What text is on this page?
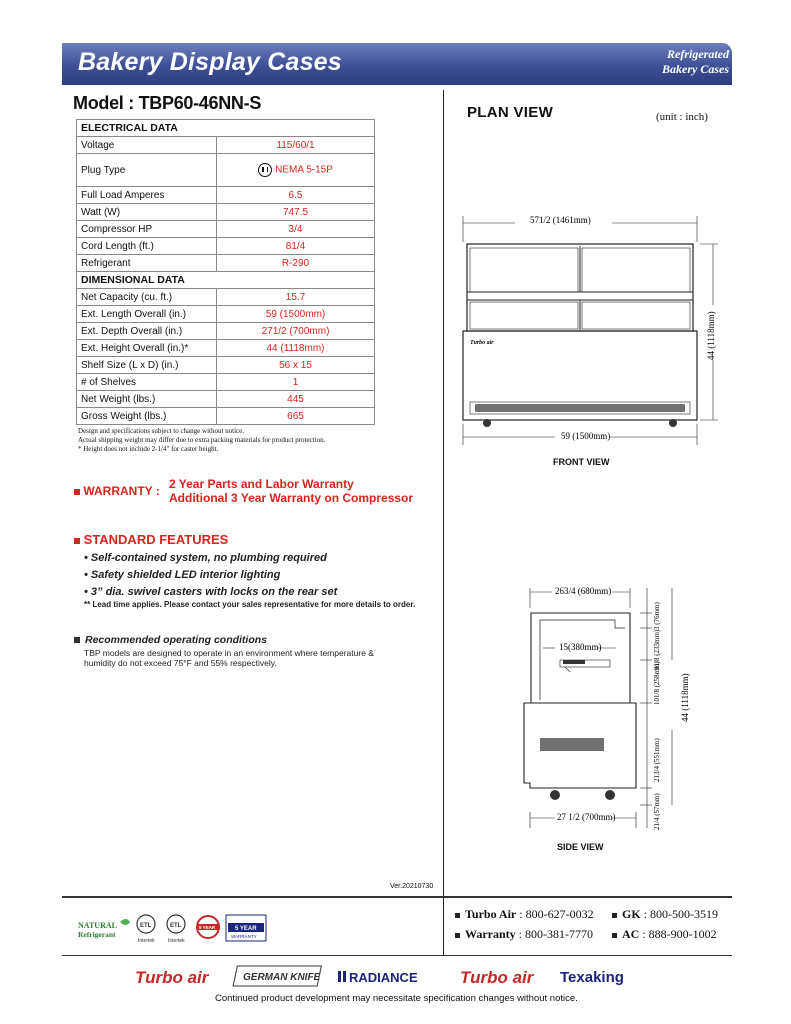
Bakery Display Cases	Refrigerated
Bakery Cases
Model : TBP60-46NN-S
ELECTRICAL DATA	
Voltage	115/60/1
Plug Type	NEMA 5-15P
Full Load Amperes	6.5
Watt (W)	747.5
Compressor HP	3/4
Cord Length (ft.)	81/4
Refrigerant	R-290
DIMENSIONAL DATA	
Net Capacity (cu. ft.)	15.7
Ext. Length Overall (in.)	59 (1500mm)
Ext. Depth Overall (in.)	271/2 (700mm)
Ext. Height Overall (in.)*	44 (1118mm)
Shelf Size (L x D) (in.)	56 x 15
# of Shelves	1
Net Weight (lbs.)	445
Gross Weight (lbs.)	665
Design and specifications subject to change without notice.
Actual shipping weight may differ due to extra packing materials for product protection.
* Height does not include 2-1/4" for caster height.
WARRANTY : 2 Year Parts and Labor Warranty
Additional 3 Year Warranty on Compressor
STANDARD FEATURES
• Self-contained system, no plumbing required
• Safety shielded LED interior lighting
• 3” dia. swivel casters with locks on the rear set
** Lead time applies. Please contact your sales representative for more details to order.
Recommended operating conditions
TBP models are designed to operate in an environment where temperature & humidity do not exceed 75°F and 55% respectively.
PLAN VIEW	(unit : inch)
571/2 (1461mm)
59 (1500mm)
Turbo air	44 (1118mm)
263/4 (680mm)
15(380mm)
27 1/2 (700mm)
3 (76mm)
91/8 (233mm)
101/8 (258mm)
213/4 (551mm)
21/4 (57mm)
44 (1118mm)
FRONT VIEW
SIDE VIEW
Ver.20210730
Turbo Air : 800-627-0032	GK : 800-500-3519
Warranty : 800-381-7770	AC : 888-900-1002
NATURAL
Refrigerant
ETL
Intertek
ETL
Intertek
5 YEAR	5 YEAR
WARRANTY
Turbo air	GERMAN KNIFE RADIANCE Turbo air Texaking
Continued product development may necessitate specification changes without notice.
